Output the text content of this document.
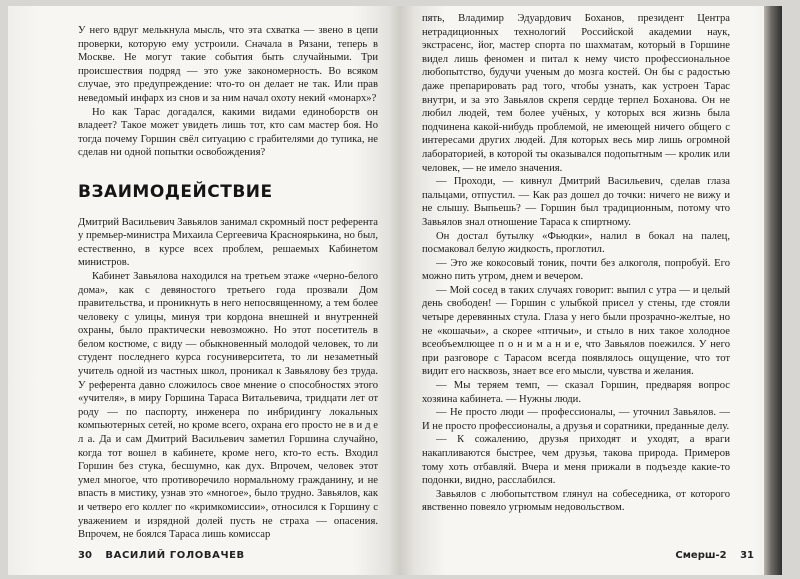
У него вдруг мелькнула мысль, что эта схватка — звено в цепи проверки, которую ему устроили. Сначала в Рязани, теперь в Москве. Не могут такие события быть случайными. Три происшествия подряд — это уже закономерность. Во всяком случае, это предупреждение: что-то он делает не так. Или прав неведомый инфарх из снов и за ним начал охоту некий «монарх»?

Но как Тарас догадался, какими видами единоборств он владеет? Такое может увидеть лишь тот, кто сам мастер боя. Но тогда почему Горшин свёл ситуацию с грабителями до тупика, не сделав ни одной попытки освобождения?

ВЗАИМОДЕЙСТВИЕ

Дмитрий Васильевич Завьялов занимал скромный пост референта у премьер-министра Михаила Сергеевича Красноярькина, но был, естественно, в курсе всех проблем, решаемых Кабинетом министров.

Кабинет Завьялова находился на третьем этаже «черно-белого дома», как с девяностого третьего года прозвали Дом правительства, и проникнуть в него непосвященному, а тем более человеку с улицы, минуя три кордона внешней и внутренней охраны, было практически невозможно. Но этот посетитель в белом костюме, с виду — обыкновенный молодой человек, то ли студент последнего курса госуниверситета, то ли незаметный учитель одной из частных школ, проникал к Завьялову без труда. У референта давно сложилось свое мнение о способностях этого «учителя», в миру Горшина Тараса Витальевича, тридцати лет от роду — по паспорту, инженера по инбридингу локальных компьютерных сетей, но кроме всего, охрана его просто не в и д е л а. Да и сам Дмитрий Васильевич заметил Горшина случайно, когда тот вошел в кабинете, кроме него, кто-то есть. Входил Горшин без стука, бесшумно, как дух. Впрочем, человек этот умел многое, что противоречило нормальному гражданину, и не впасть в мистику, узнав это «многое», было трудно. Завьялов, как и четверо его коллег по «кримкомиссии», относился к Горшину с уважением и изрядной долей пусть не страха — опасения. Впрочем, не боялся Тараса лишь комиссар

30 ВАСИЛИЙ ГОЛОВАЧЕВ

пять, Владимир Эдуардович Боханов, президент Центра нетрадиционных технологий Российской академии наук, экстрасенс, йог, мастер спорта по шахматам, который в Горшине видел лишь феномен и питал к нему чисто профессиональное любопытство, будучи ученым до мозга костей. Он бы с радостью даже препарировать рад того, чтобы узнать, как устроен Тарас внутри, и за это Завьялов скрепя сердце терпел Боханова. Он не любил людей, тем более учёных, у которых вся жизнь была подчинена какой-нибудь проблемой, не имеющей ничего общего с интересами других людей. Для которых весь мир лишь огромной лабораторией, в которой ты оказывался подопытным — кролик или человек, — не имело значения.

— Проходи, — кивнул Дмитрий Васильевич, сделав глаза пальцами, отпустил. — Как раз дошел до точки: ничего не вижу и не слышу. Выпьешь? — Горшин был традиционным, потому что Завьялов знал отношение Тараса к спиртному.

Он достал бутылку «Фьюдки», налил в бокал на палец, посмаковал белую жидкость, проглотил.

— Это же кокосовый тоник, почти без алкоголя, попробуй. Его можно пить утром, днем и вечером.

— Мой сосед в таких случаях говорит: выпил с утра — и целый день свободен! — Горшин с улыбкой присел у стены, где стояли четыре деревянных стула. Глаза у него были прозрачно-желтые, но не «кошачьи», а скорее «птичьи», и стыло в них такое холодное всеобъемлющее п о н и м а н и е, что Завьялов поежился. У него при разговоре с Тарасом всегда появлялось ощущение, что тот видит его насквозь, знает все его мысли, чувства и желания.

— Мы теряем темп, — сказал Горшин, предваряя вопрос хозяина кабинета. — Нужны люди.

— Не просто люди — профессионалы, — уточнил Завьялов. — И не просто профессионалы, а друзья и соратники, преданные делу.

— К сожалению, друзья приходят и уходят, а враги накапливаются быстрее, чем друзья, такова природа. Примеров тому хоть отбавляй. Вчера и меня прижали в подъезде какие-то подонки, видно, расслабился.

Завьялов с любопытством глянул на собеседника, от которого явственно повеяло угрюмым недовольством.

Смерш-2 31
